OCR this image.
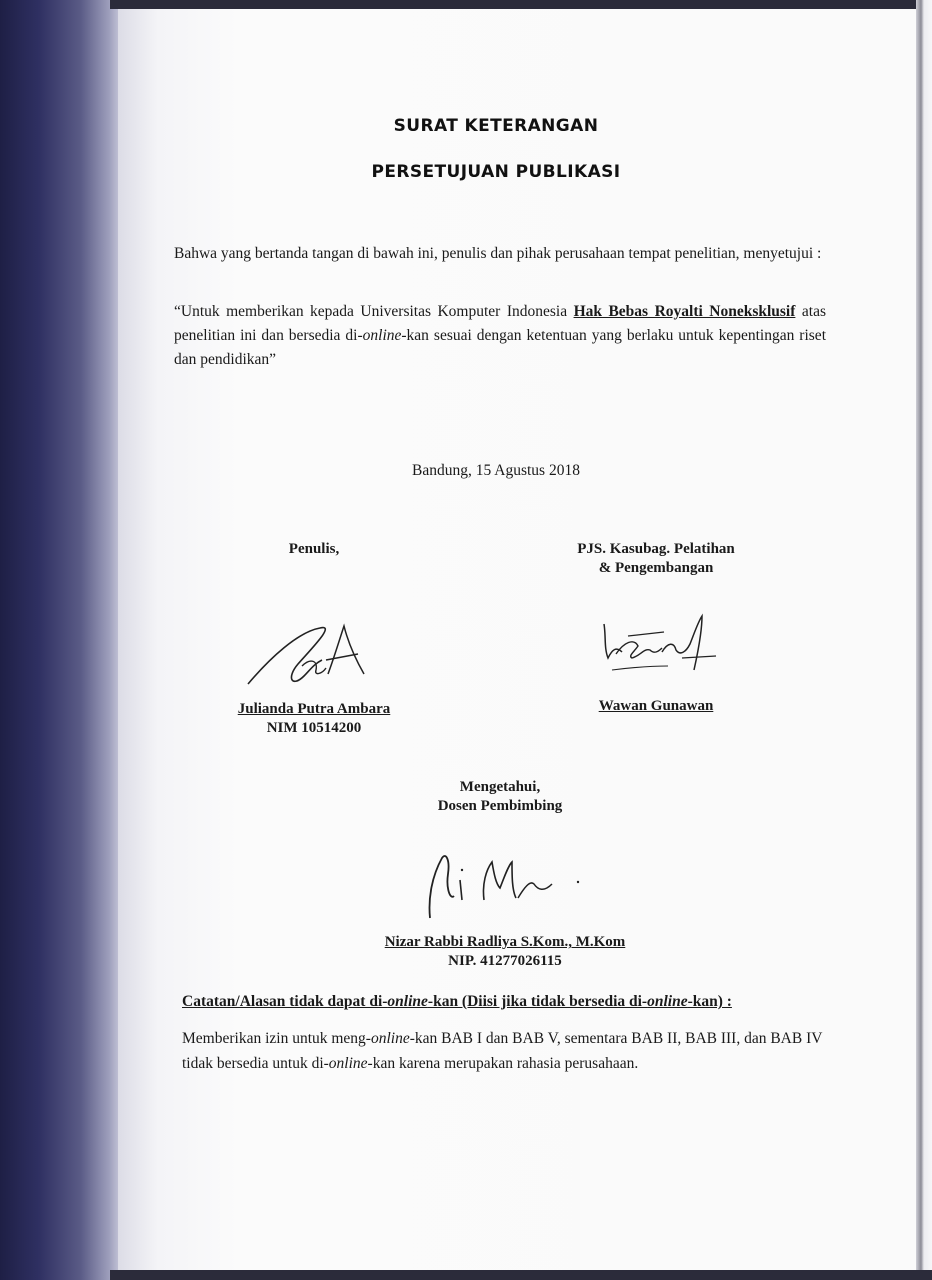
SURAT KETERANGAN
PERSETUJUAN PUBLIKASI
Bahwa yang bertanda tangan di bawah ini, penulis dan pihak perusahaan tempat penelitian, menyetujui :
“Untuk memberikan kepada Universitas Komputer Indonesia Hak Bebas Royalti Noneksklusif atas penelitian ini dan bersedia di-online-kan sesuai dengan ketentuan yang berlaku untuk kepentingan riset dan pendidikan”
Bandung, 15 Agustus 2018
Penulis,
Julianda Putra Ambara
NIM 10514200
PJS. Kasubag. Pelatihan
& Pengembangan
Wawan Gunawan
Mengetahui,
Dosen Pembimbing
Nizar Rabbi Radliya S.Kom., M.Kom
NIP. 41277026115
Catatan/Alasan tidak dapat di-online-kan (Diisi jika tidak bersedia di-online-kan) :
Memberikan izin untuk meng-online-kan BAB I dan BAB V, sementara BAB II, BAB III, dan BAB IV tidak bersedia untuk di-online-kan karena merupakan rahasia perusahaan.
